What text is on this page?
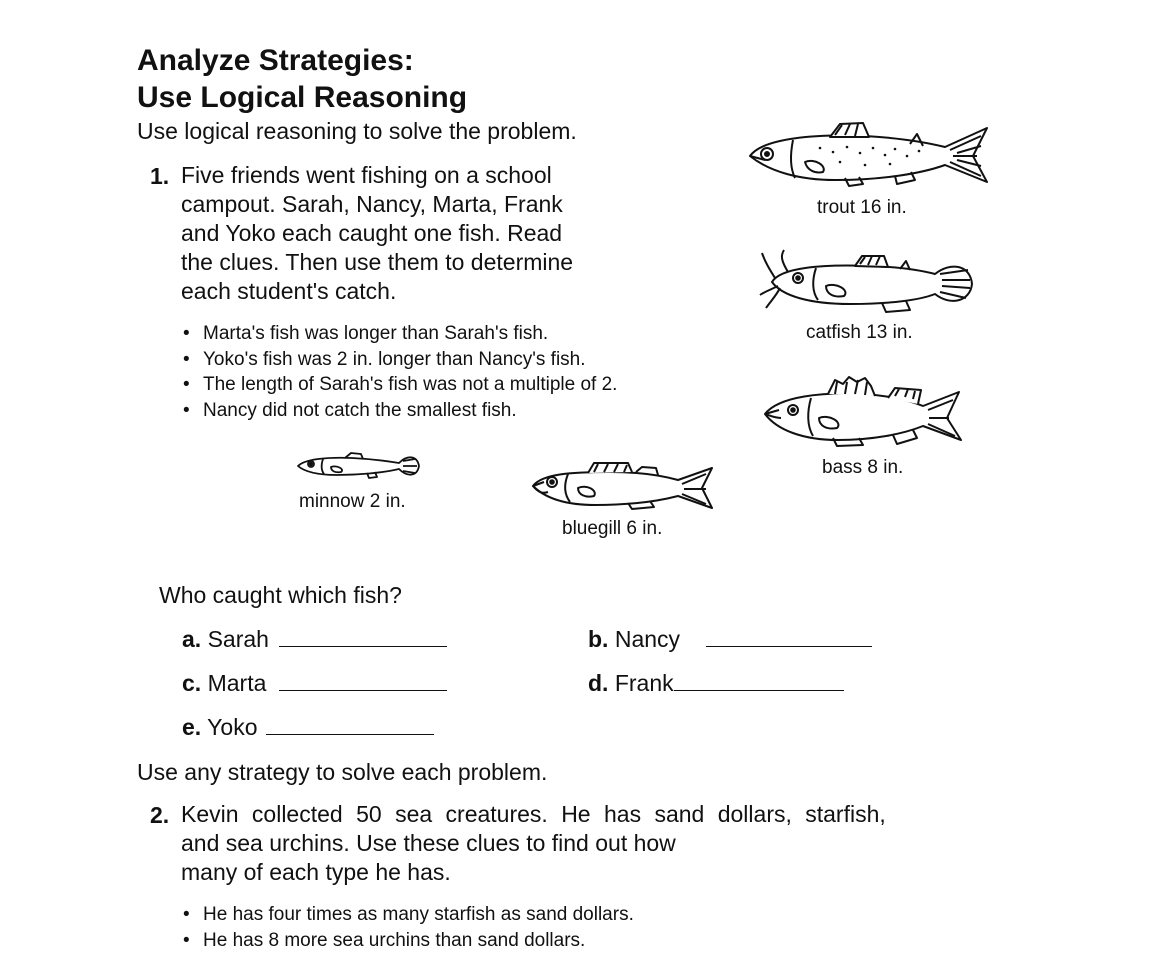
Analyze Strategies:
Use Logical Reasoning
Use logical reasoning to solve the problem.
1. Five friends went fishing on a school
campout. Sarah, Nancy, Marta, Frank
and Yoko each caught one fish. Read
the clues. Then use them to determine
each student's catch.
• Marta's fish was longer than Sarah's fish.
• Yoko's fish was 2 in. longer than Nancy's fish.
• The length of Sarah's fish was not a multiple of 2.
• Nancy did not catch the smallest fish.
trout 16 in.
catfish 13 in.
bass 8 in.
minnow 2 in.
bluegill 6 in.
Who caught which fish?
a. Sarah	b. Nancy
c. Marta	d. Frank
e. Yoko
Use any strategy to solve each problem.
2. Kevin collected 50 sea creatures. He has sand dollars, starfish,
and sea urchins. Use these clues to find out how
many of each type he has.
• He has four times as many starfish as sand dollars.
• He has 8 more sea urchins than sand dollars.
